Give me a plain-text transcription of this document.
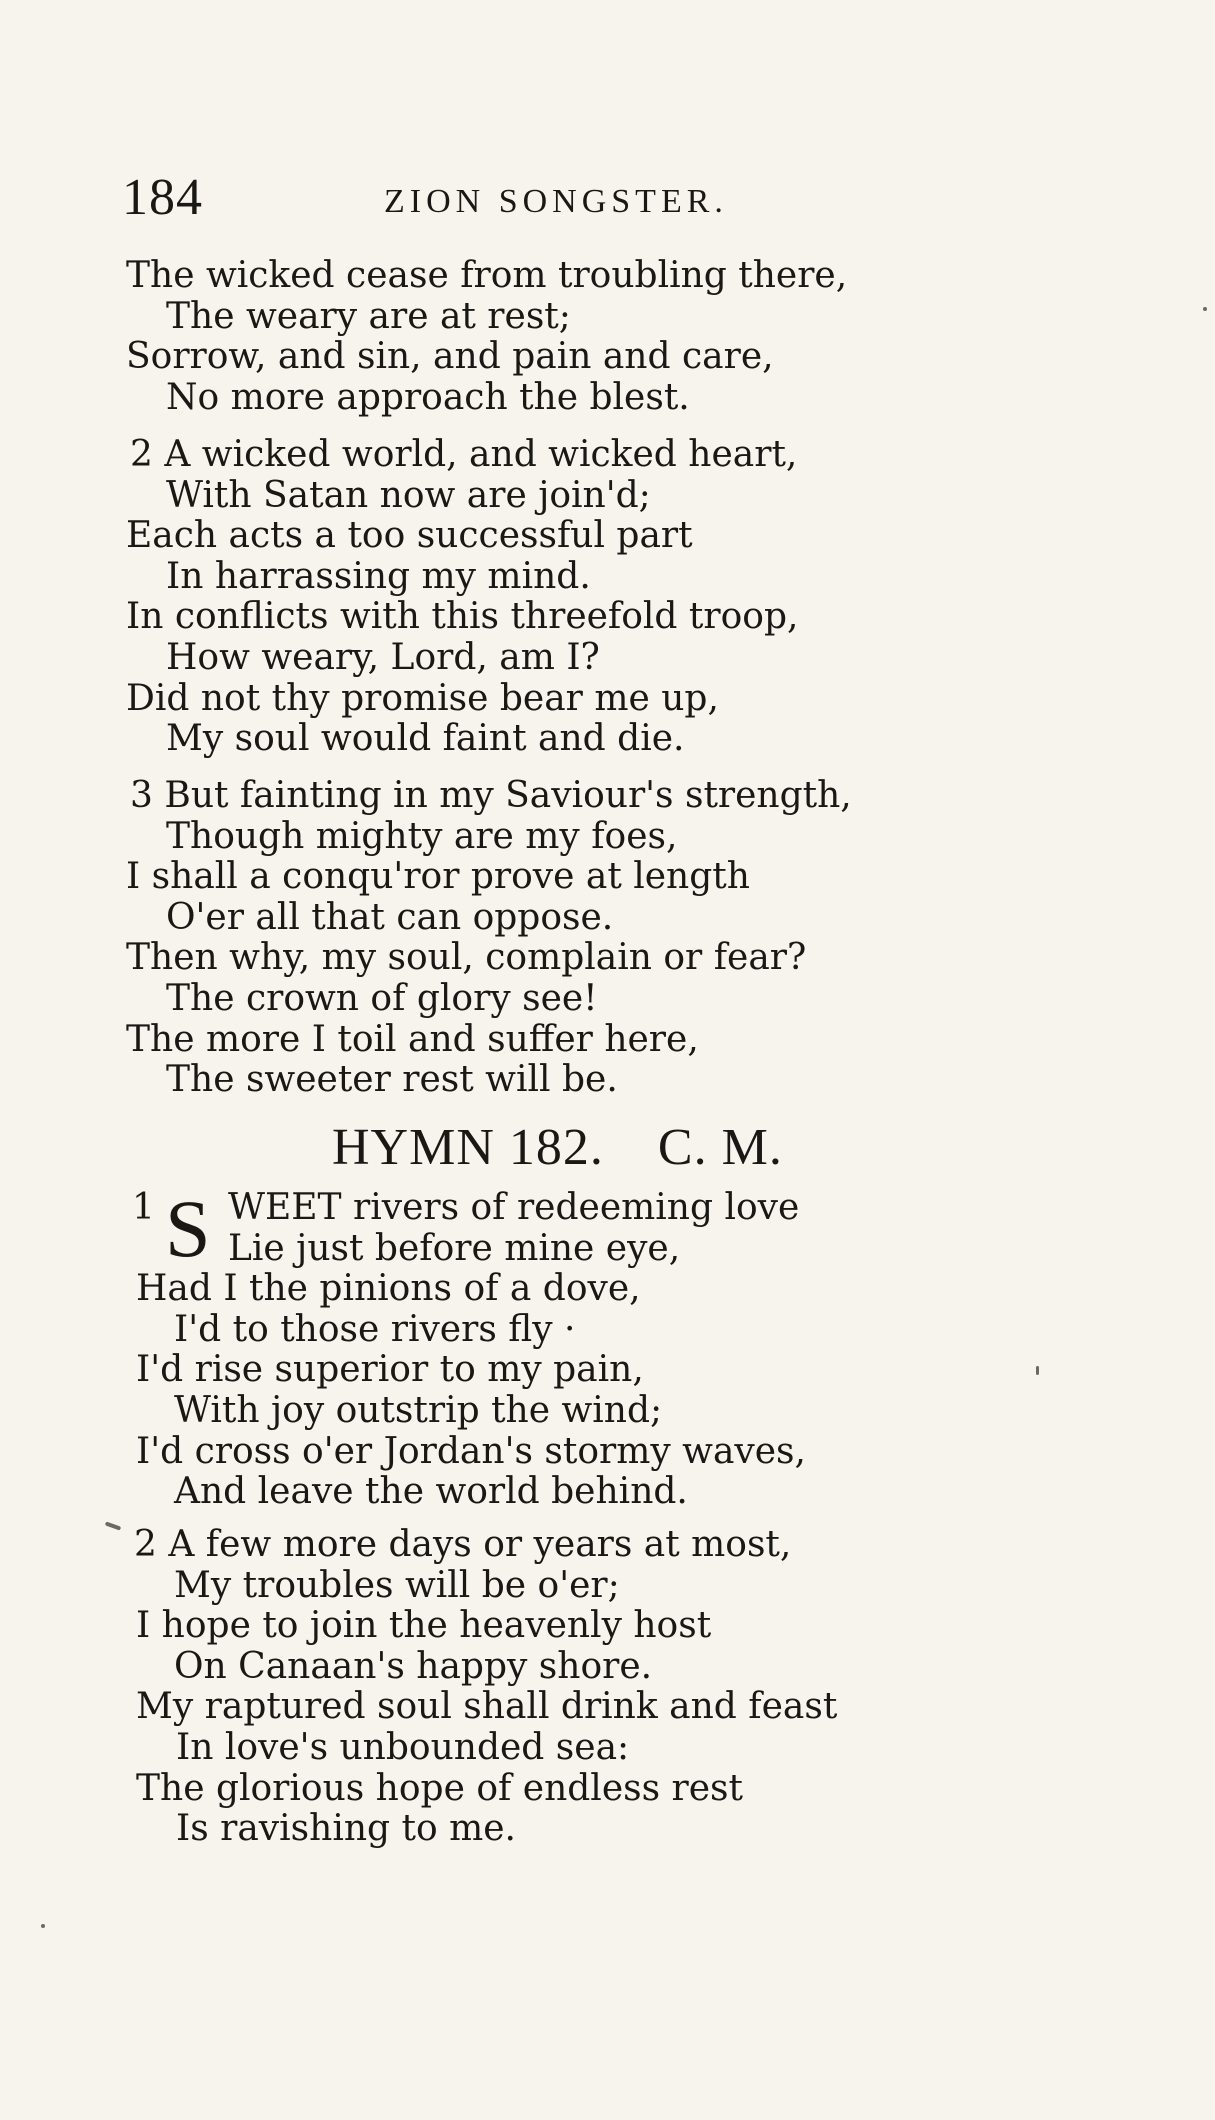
184	ZION SONGSTER.
The wicked cease from troubling there,
The weary are at rest;
Sorrow, and sin, and pain and care,
No more approach the blest.
2 A wicked world, and wicked heart,
With Satan now are join'd;
Each acts a too successful part
In harrassing my mind.
In conflicts with this threefold troop,
How weary, Lord, am I?
Did not thy promise bear me up,
My soul would faint and die.
3 But fainting in my Saviour's strength,
Though mighty are my foes,
I shall a conqu'ror prove at length
O'er all that can oppose.
Then why, my soul, complain or fear?
The crown of glory see!
The more I toil and suffer here,
The sweeter rest will be.
HYMN 182. C. M.
1 S WEET rivers of redeeming love
Lie just before mine eye,
Had I the pinions of a dove,
I'd to those rivers fly ·
I'd rise superior to my pain,
With joy outstrip the wind;
I'd cross o'er Jordan's stormy waves,
And leave the world behind.
2 A few more days or years at most,
My troubles will be o'er;
I hope to join the heavenly host
On Canaan's happy shore.
My raptured soul shall drink and feast
In love's unbounded sea:
The glorious hope of endless rest
Is ravishing to me.
